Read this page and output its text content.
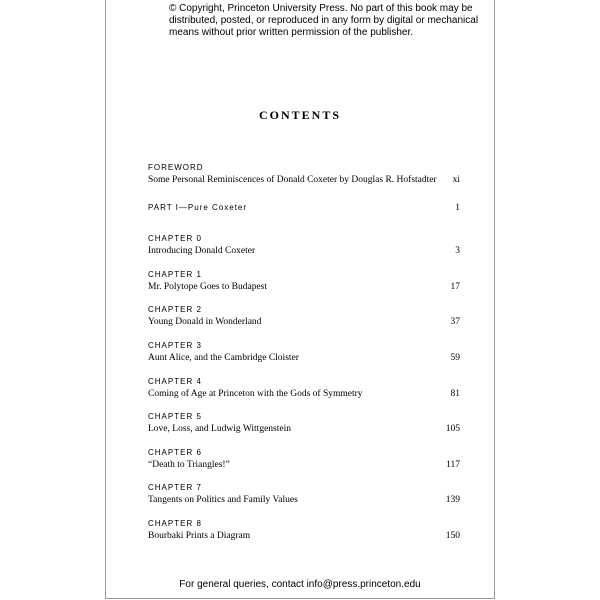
© Copyright, Princeton University Press. No part of this book may be
distributed, posted, or reproduced in any form by digital or mechanical
means without prior written permission of the publisher.
CONTENTS
FOREWORD
Some Personal Reminiscences of Donald Coxeter by Douglas R. Hofstadter xi
PART I—Pure Coxeter	1
CHAPTER 0
Introducing Donald Coxeter	3
CHAPTER 1
Mr. Polytope Goes to Budapest	17
CHAPTER 2
Young Donald in Wonderland	37
CHAPTER 3
Aunt Alice, and the Cambridge Cloister	59
CHAPTER 4
Coming of Age at Princeton with the Gods of Symmetry	81
CHAPTER 5
Love, Loss, and Ludwig Wittgenstein	105
CHAPTER 6
“Death to Triangles!”	117
CHAPTER 7
Tangents on Politics and Family Values	139
CHAPTER 8
Bourbaki Prints a Diagram	150
For general queries, contact info@press.princeton.edu
